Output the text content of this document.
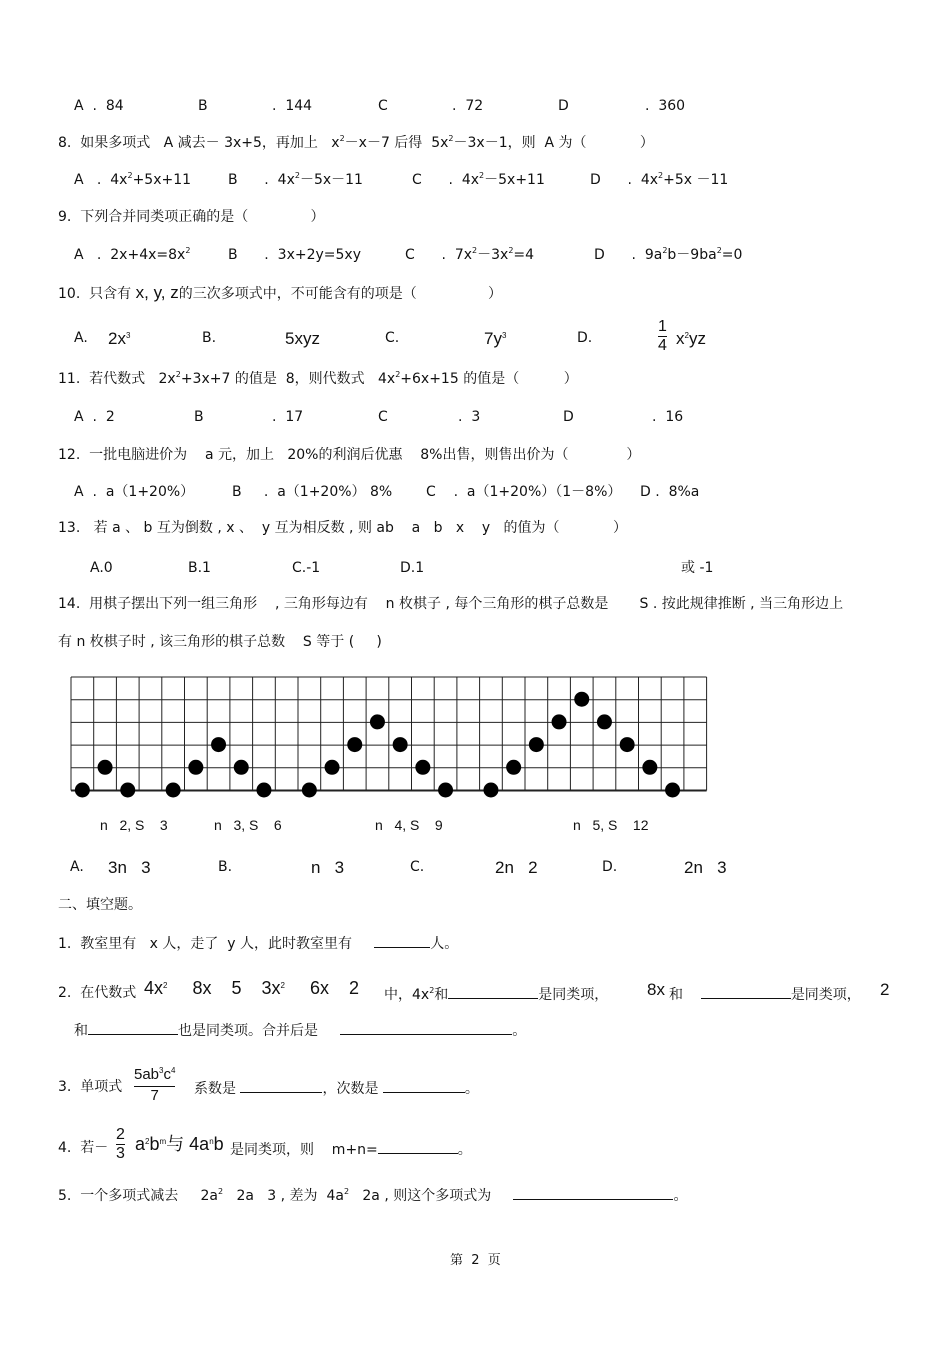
A  .  84	B	.  144	C	.  72	D	.  360
8.  如果多项式   A 减去－ 3x+5，再加上   $x^2-x-7$ 后得  $5x^2-3x-1$，则  A 为（            ）
A   .  $4x^2+5x+11$	B      .  $4x^2-5x-11$	C      .  $4x^2-5x+11$	D      .  $4x^2+5x -11$
9.  下列合并同类项正确的是（              ）
A   .  $2x+4x=8x^2$	B      .  3x+2y=5xy	C      .  $7x^2-3x^2=4$	D      .  $9a^2b-9ba^2=0$
10.  只含有 x, y, z的三次多项式中，不可能含有的项是（                ）
A. $2x^3$	B.	5xyz	C.	$7y^3$	D.
1
4 $x^2yz$
11.  若代数式   $2x^2+3x+7$ 的值是  8，则代数式   $4x^2+6x+15$ 的值是（          ）
A  .  2	B	.  17	C	.  3	D	.  16
12.  一批电脑进价为    a 元，加上   20%的利润后优惠    8%出售，则售出价为（             ）
A  .  a（1+20%）	B     .  a（1+20%） 8% C    .  a（1+20%）（1－8%） D .  8%a
13.   若 a 、 b 互为倒数 , x 、  y 互为相反数 , 则 ab    a   b   x    y   的值为（            ）
A.0	B.1	C.-1	D.1	或 -1
14.  用棋子摆出下列一组三角形    , 三角形每边有    n 枚棋子 , 每个三角形的棋子总数是       S . 按此规律推断 , 当三角形边上
有 n 枚棋子时 , 该三角形的棋子总数    S 等于 (     )
n   2, S    3	n   3, S    6	n   4, S    9	n   5, S    12
A. 3n   3	B.	n   3	C.	2n   2	D.	2n   3
二、填空题。
1.  教室里有   x 人，走了  y 人，此时教室里有	人。
2.  在代数式 $4x^2$ 8x    5    $3x^2$ 6x    2 中，$4x^2$和	是同类项， 8x 和	是同类项， 2
和	也是同类项。合并后是	。
3.  单项式
$5ab^3c^4$
7	系数是	，次数是	。
4.  若－
2
3 $a^2b^m$与 $4a^nb$ 是同类项，则    m+n=	。
5.  一个多项式减去     $2a^2$   2a   3 , 差为  $4a^2$   2a , 则这个多项式为	。
第  2  页
